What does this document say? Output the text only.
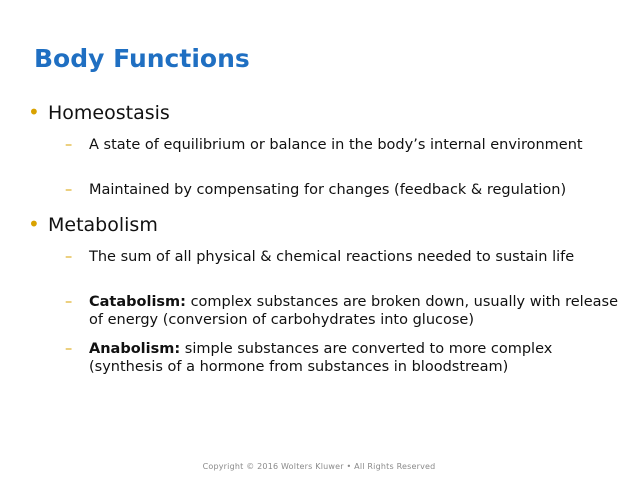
Body Functions
• Homeostasis
– A state of equilibrium or balance in the body’s internal environment
– Maintained by compensating for changes (feedback & regulation)
• Metabolism
– The sum of all physical & chemical reactions needed to sustain life
– Catabolism: complex substances are broken down, usually with release of energy (conversion of carbohydrates into glucose)
– Anabolism: simple substances are converted to more complex (synthesis of a hormone from substances in bloodstream)
Copyright © 2016 Wolters Kluwer • All Rights Reserved
